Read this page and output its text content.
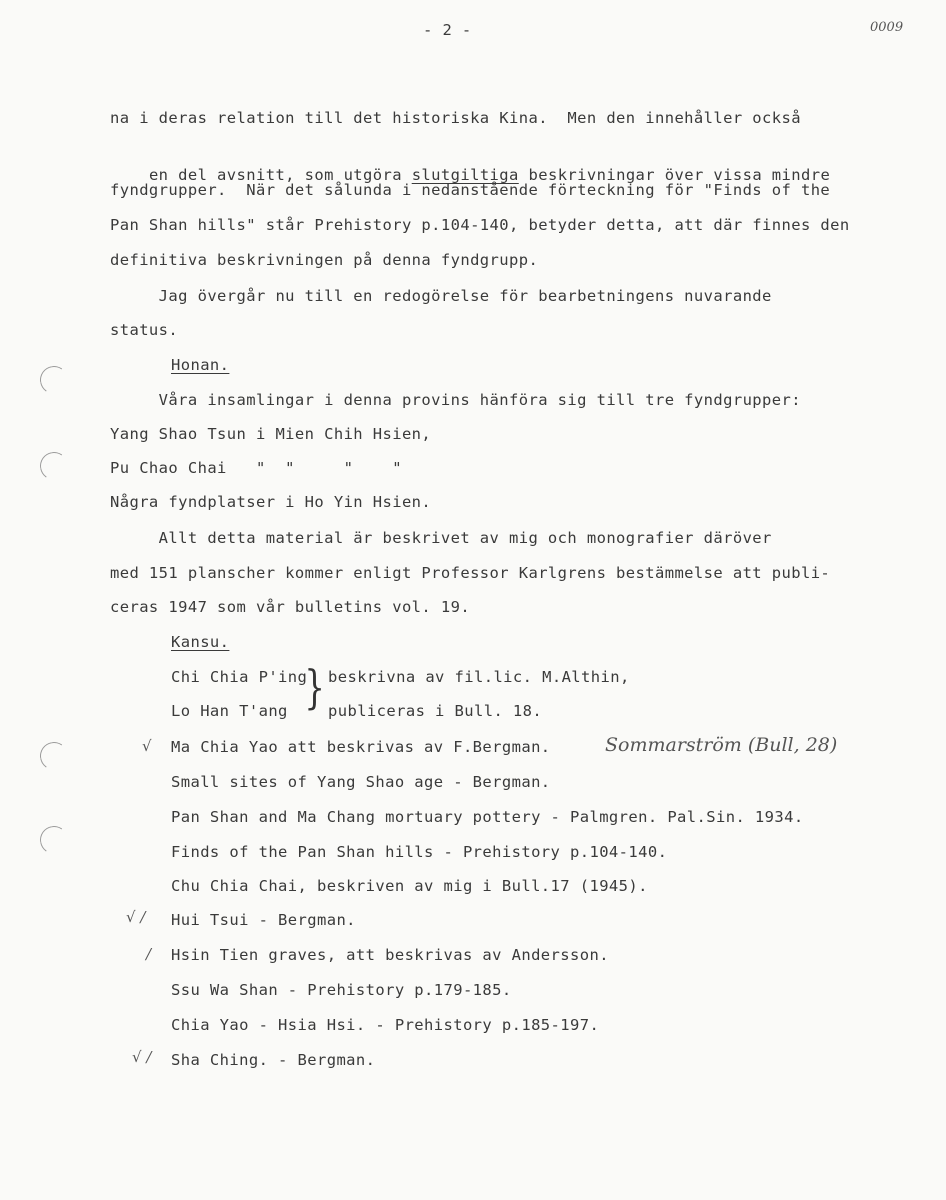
- 2 -	0009
na i deras relation till det historiska Kina.  Men den innehåller också

en del avsnitt, som utgöra slutgiltiga beskrivningar över vissa mindre

fyndgrupper.  När det sålunda i nedanstående förteckning för "Finds of the
Pan Shan hills" står Prehistory p.104-140, betyder detta, att där finnes den
definitiva beskrivningen på denna fyndgrupp.
Jag övergår nu till en redogörelse för bearbetningens nuvarande
status.
Honan.
Våra insamlingar i denna provins hänföra sig till tre fyndgrupper:
Yang Shao Tsun i Mien Chih Hsien,
Pu Chao Chai   "  "     "    "
Några fyndplatser i Ho Yin Hsien.
Allt detta material är beskrivet av mig och monografier däröver
med 151 planscher kommer enligt Professor Karlgrens bestämmelse att publi-
ceras 1947 som vår bulletins vol. 19.
Kansu.
Chi Chia P'ing
Lo Han T'ang } beskrivna av fil.lic. M.Althin,
publiceras i Bull. 18.
Ma Chia Yao att beskrivas av F.Bergman.
Small sites of Yang Shao age - Bergman.
Pan Shan and Ma Chang mortuary pottery - Palmgren. Pal.Sin. 1934.
Finds of the Pan Shan hills - Prehistory p.104-140.
Chu Chia Chai, beskriven av mig i Bull.17 (1945).
Hui Tsui - Bergman.
Hsin Tien graves, att beskrivas av Andersson.
Ssu Wa Shan - Prehistory p.179-185.
Chia Yao - Hsia Hsi. - Prehistory p.185-197.
Sha Ching. - Bergman.
Sommarström (Bull, 28)
√
√ /
/
√ /
